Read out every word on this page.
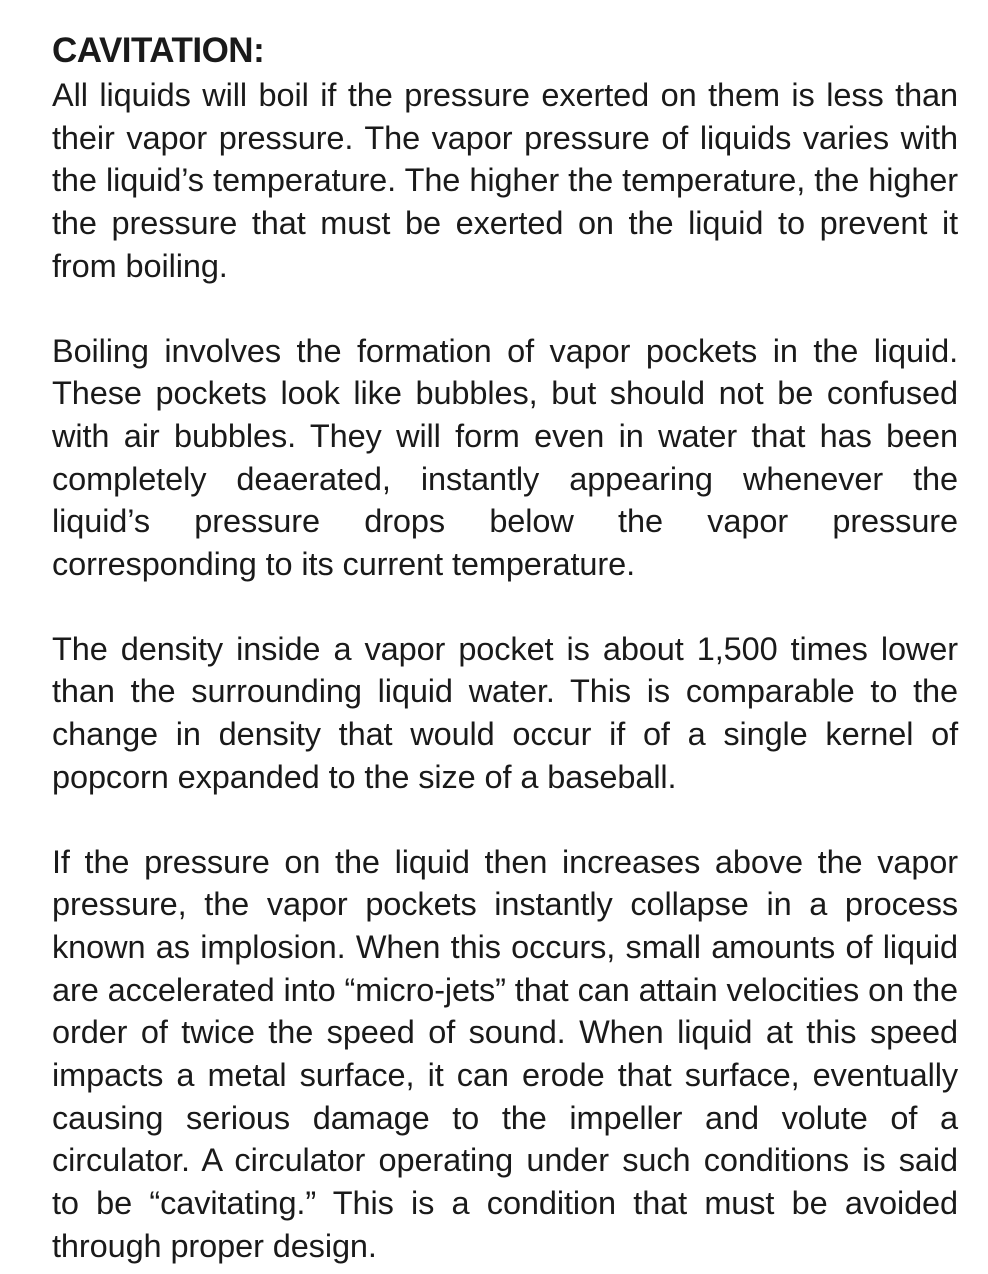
CAVITATION:

All liquids will boil if the pressure exerted on them is less than their vapor pressure. The vapor pressure of liquids varies with the liquid’s temperature. The higher the temperature, the higher the pressure that must be exerted on the liquid to prevent it from boiling.

Boiling involves the formation of vapor pockets in the liquid. These pockets look like bubbles, but should not be confused with air bubbles. They will form even in water that has been completely deaerated, instantly appearing whenever the liquid’s pressure drops below the vapor pressure corresponding to its current temperature.

The density inside a vapor pocket is about 1,500 times lower than the surrounding liquid water. This is comparable to the change in density that would occur if of a single kernel of popcorn expanded to the size of a baseball.

If the pressure on the liquid then increases above the vapor pressure, the vapor pockets instantly collapse in a process known as implosion. When this occurs, small amounts of liquid are accelerated into “micro-jets” that can attain velocities on the order of twice the speed of sound. When liquid at this speed impacts a metal surface, it can erode that surface, eventually causing serious damage to the impeller and volute of a circulator. A circulator operating under such conditions is said to be “cavitating.” This is a condition that must be avoided through proper design.
